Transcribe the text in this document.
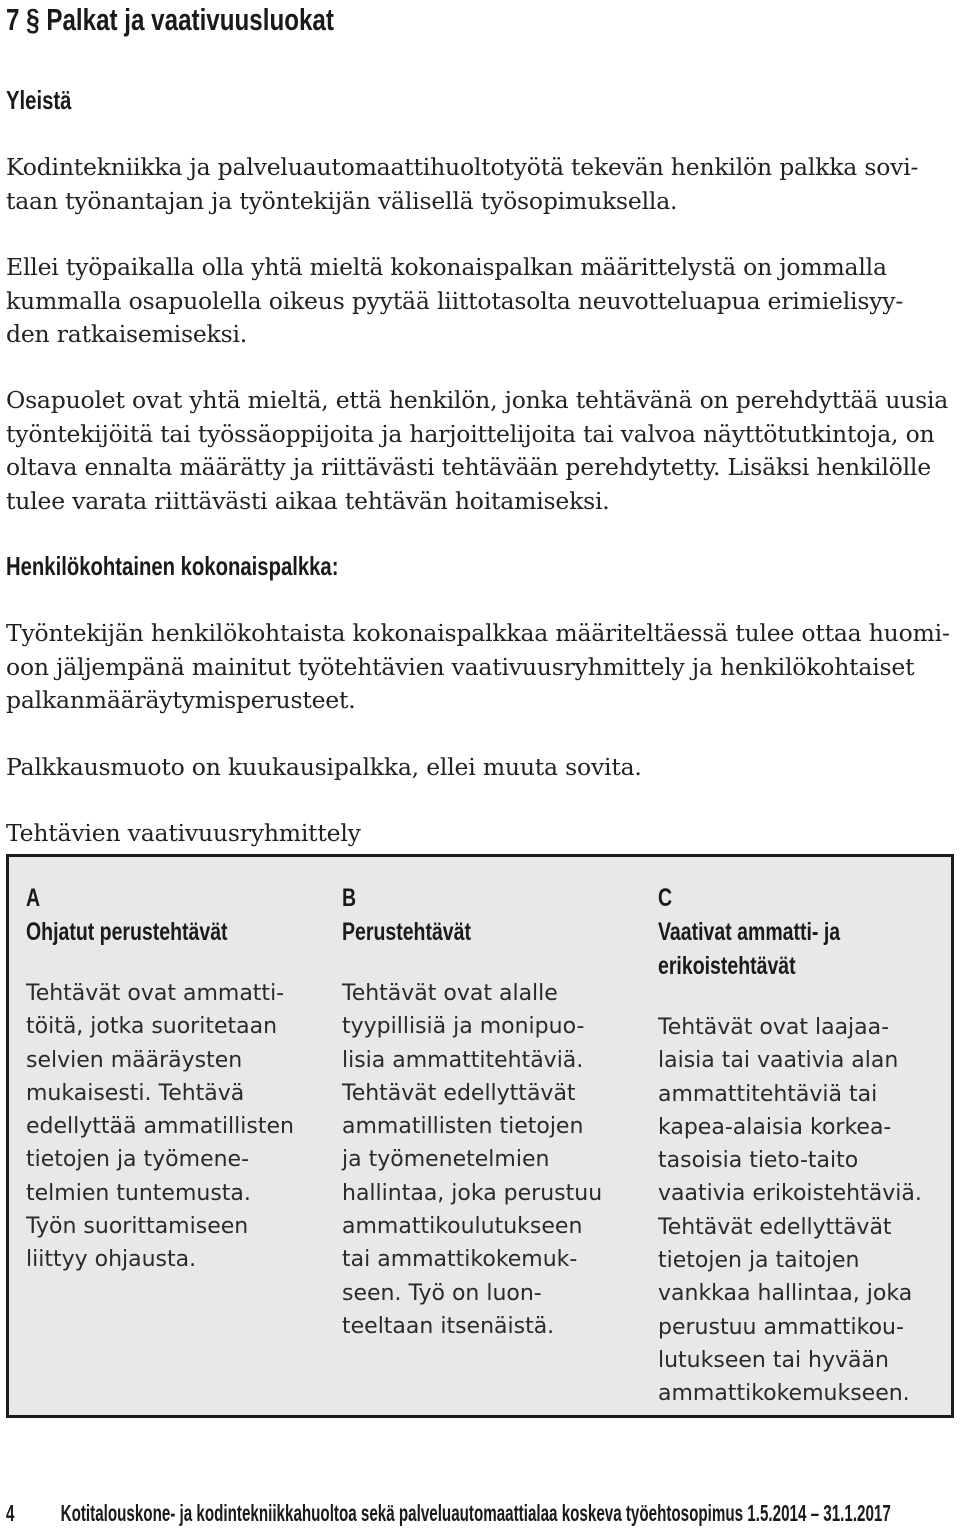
7 § Palkat ja vaativuusluokat
Yleistä

Kodintekniikka ja palveluautomaattihuoltotyötä tekevän henkilön palkka sovi-
taan työnantajan ja työntekijän välisellä työsopimuksella.

Ellei työpaikalla olla yhtä mieltä kokonaispalkan määrittelystä on jommalla
kummalla osapuolella oikeus pyytää liittotasolta neuvotteluapua erimielisyy-
den ratkaisemiseksi.

Osapuolet ovat yhtä mieltä, että henkilön, jonka tehtävänä on perehdyttää uusia
työntekijöitä tai työssäoppijoita ja harjoittelijoita tai valvoa näyttötutkintoja, on
oltava ennalta määrätty ja riittävästi tehtävään perehdytetty. Lisäksi henkilölle
tulee varata riittävästi aikaa tehtävän hoitamiseksi.

Henkilökohtainen kokonaispalkka:

Työntekijän henkilökohtaista kokonaispalkkaa määriteltäessä tulee ottaa huomi-
oon jäljempänä mainitut työtehtävien vaativuusryhmittely ja henkilökohtaiset
palkanmääräytymisperusteet.

Palkkausmuoto on kuukausipalkka, ellei muuta sovita.

Tehtävien vaativuusryhmittely

A
Ohjatut perustehtävät
Tehtävät ovat ammatti-
töitä, jotka suoritetaan
selvien määräysten
mukaisesti. Tehtävä
edellyttää ammatillisten
tietojen ja työmene-
telmien tuntemusta.
Työn suorittamiseen
liittyy ohjausta.
B
Perustehtävät
Tehtävät ovat alalle
tyypillisiä ja monipuo-
lisia ammattitehtäviä.
Tehtävät edellyttävät
ammatillisten tietojen
ja työmenetelmien
hallintaa, joka perustuu
ammattikoulutukseen
tai ammattikokemuk-
seen. Työ on luon-
teeltaan itsenäistä.
C
Vaativat ammatti- ja
erikoistehtävät
Tehtävät ovat laajaa-
laisia tai vaativia alan
ammattitehtäviä tai
kapea-alaisia korkea-
tasoisia tieto-taito
vaativia erikoistehtäviä.
Tehtävät edellyttävät
tietojen ja taitojen
vankkaa hallintaa, joka
perustuu ammattikou-
lutukseen tai hyvään
ammattikokemukseen.
4 Kotitalouskone- ja kodintekniikkahuoltoa sekä palveluautomaattialaa koskeva työehtosopimus 1.5.2014 – 31.1.2017
